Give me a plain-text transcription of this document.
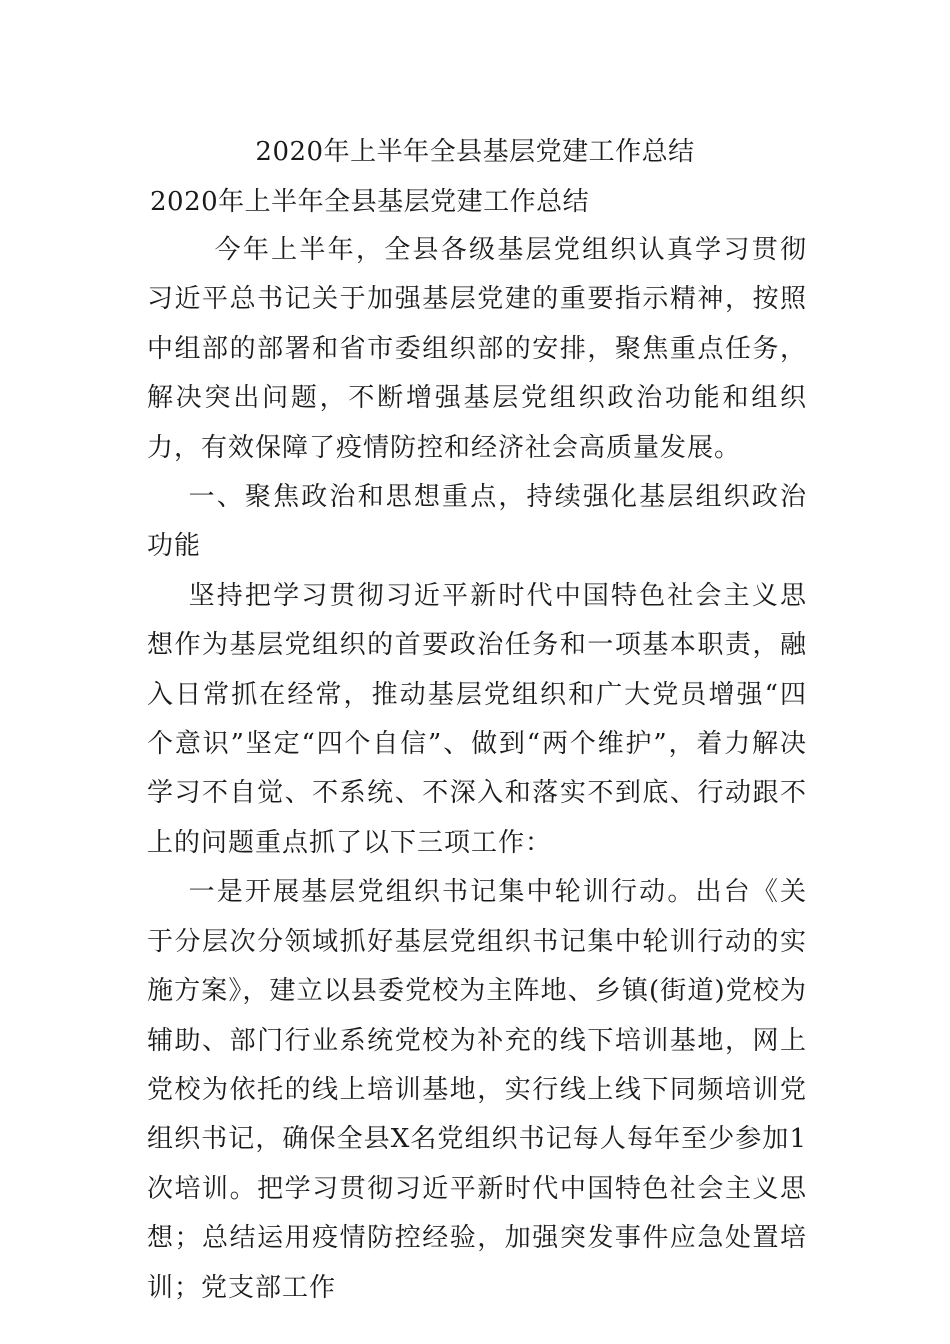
2020年上半年全县基层党建工作总结
2020年上半年全县基层党建工作总结

今年上半年，全县各级基层党组织认真学习贯彻习近平总书记关于加强基层党建的重要指示精神，按照中组部的部署和省市委组织部的安排，聚焦重点任务，解决突出问题，不断增强基层党组织政治功能和组织力，有效保障了疫情防控和经济社会高质量发展。

一、聚焦政治和思想重点，持续强化基层组织政治功能

坚持把学习贯彻习近平新时代中国特色社会主义思想作为基层党组织的首要政治任务和一项基本职责，融入日常抓在经常，推动基层党组织和广大党员增强“四个意识”坚定“四个自信”、做到“两个维护”，着力解决学习不自觉、不系统、不深入和落实不到底、行动跟不上的问题重点抓了以下三项工作：

一是开展基层党组织书记集中轮训行动。出台《关于分层次分领域抓好基层党组织书记集中轮训行动的实施方案》，建立以县委党校为主阵地、乡镇(街道)党校为辅助、部门行业系统党校为补充的线下培训基地，网上党校为依托的线上培训基地，实行线上线下同频培训党组织书记，确保全县X名党组织书记每人每年至少参加1次培训。把学习贯彻习近平新时代中国特色社会主义思想；总结运用疫情防控经验，加强突发事件应急处置培训；党支部工作
